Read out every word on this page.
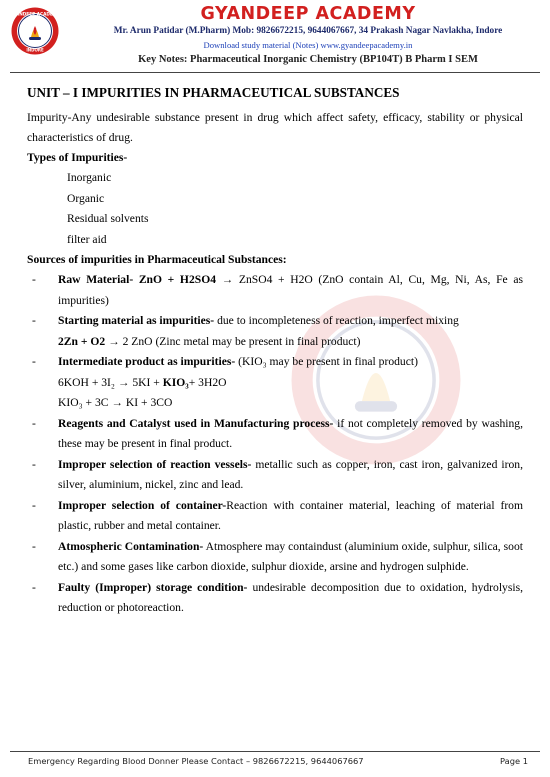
GYANDEEP ACADEMY
INDORE
GYANDEEP ACADEMY
Mr. Arun Patidar (M.Pharm) Mob: 9826672215, 9644067667, 34 Prakash Nagar Navlakha, Indore
Download study material (Notes) www.gyandeepacademy.in
Key Notes: Pharmaceutical Inorganic Chemistry (BP104T) B Pharm I SEM
UNIT – I IMPURITIES IN PHARMACEUTICAL SUBSTANCES

Impurity-Any undesirable substance present in drug which affect safety, efficacy, stability or physical characteristics of drug.

Types of Impurities-
Inorganic
Organic
Residual solvents
filter aid
Sources of impurities in Pharmaceutical Substances:
- Raw Material- ZnO + H2SO4 → ZnSO4 + H2O (ZnO contain Al, Cu, Mg, Ni, As, Fe as impurities)
- Starting material as impurities- due to incompleteness of reaction, imperfect mixing
2Zn + O2 → 2 ZnO (Zinc metal may be present in final product)
- Intermediate product as impurities- (KIO₃ may be present in final product)
6KOH + 3I₂ → 5KI + KIO₃+ 3H2O
KIO₃ + 3C → KI + 3CO
- Reagents and Catalyst used in Manufacturing process- if not completely removed by washing, these may be present in final product.
- Improper selection of reaction vessels- metallic such as copper, iron, cast iron, galvanized iron, silver, aluminium, nickel, zinc and lead.
- Improper selection of container-Reaction with container material, leaching of material from plastic, rubber and metal container.
- Atmospheric Contamination- Atmosphere may containdust (aluminium oxide, sulphur, silica, soot etc.) and some gases like carbon dioxide, sulphur dioxide, arsine and hydrogen sulphide.
- Faulty (Improper) storage condition- undesirable decomposition due to oxidation, hydrolysis, reduction or photoreaction.
Emergency Regarding Blood Donner Please Contact – 9826672215, 9644067667	Page 1
